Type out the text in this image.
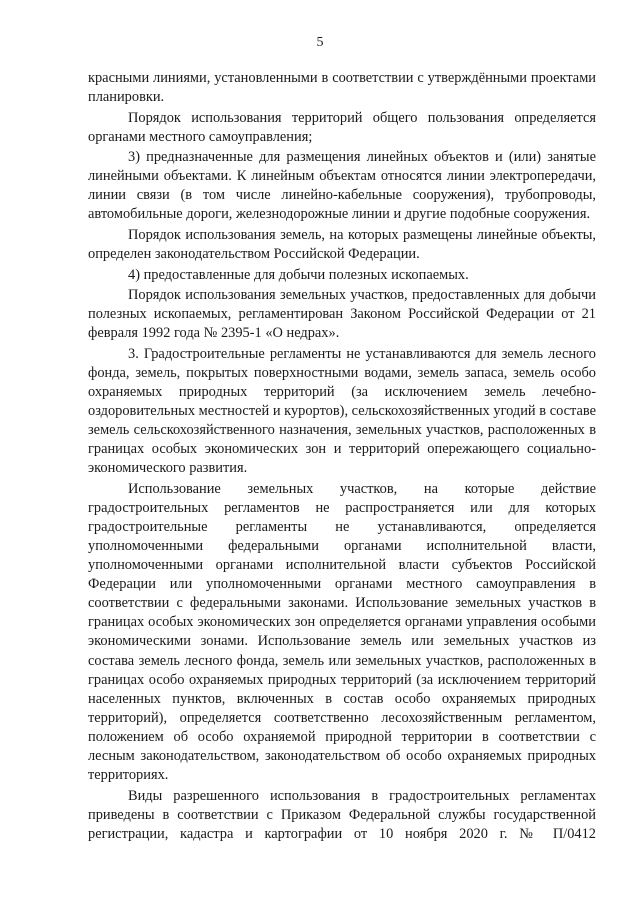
5

красными линиями, установленными в соответствии с утверждёнными проектами планировки.

Порядок использования территорий общего пользования определяется органами местного самоуправления;

3) предназначенные для размещения линейных объектов и (или) занятые линейными объектами. К линейным объектам относятся линии электропередачи, линии связи (в том числе линейно-кабельные сооружения), трубопроводы, автомобильные дороги, железнодорожные линии и другие подобные сооружения.

Порядок использования земель, на которых размещены линейные объекты, определен законодательством Российской Федерации.

4) предоставленные для добычи полезных ископаемых.

Порядок использования земельных участков, предоставленных для добычи полезных ископаемых, регламентирован Законом Российской Федерации от 21 февраля 1992 года № 2395-1 «О недрах».

3. Градостроительные регламенты не устанавливаются для земель лесного фонда, земель, покрытых поверхностными водами, земель запаса, земель особо охраняемых природных территорий (за исключением земель лечебно-оздоровительных местностей и курортов), сельскохозяйственных угодий в составе земель сельскохозяйственного назначения, земельных участков, расположенных в границах особых экономических зон и территорий опережающего социально-экономического развития.

Использование земельных участков, на которые действие градостроительных регламентов не распространяется или для которых градостроительные регламенты не устанавливаются, определяется уполномоченными федеральными органами исполнительной власти, уполномоченными органами исполнительной власти субъектов Российской Федерации или уполномоченными органами местного самоуправления в соответствии с федеральными законами. Использование земельных участков в границах особых экономических зон определяется органами управления особыми экономическими зонами. Использование земель или земельных участков из состава земель лесного фонда, земель или земельных участков, расположенных в границах особо охраняемых природных территорий (за исключением территорий населенных пунктов, включенных в состав особо охраняемых природных территорий), определяется соответственно лесохозяйственным регламентом, положением об особо охраняемой природной территории в соответствии с лесным законодательством, законодательством об особо охраняемых природных территориях.

Виды разрешенного использования в градостроительных регламентах приведены в соответствии с Приказом Федеральной службы государственной регистрации, кадастра и картографии от 10 ноября 2020 г. № П/0412
